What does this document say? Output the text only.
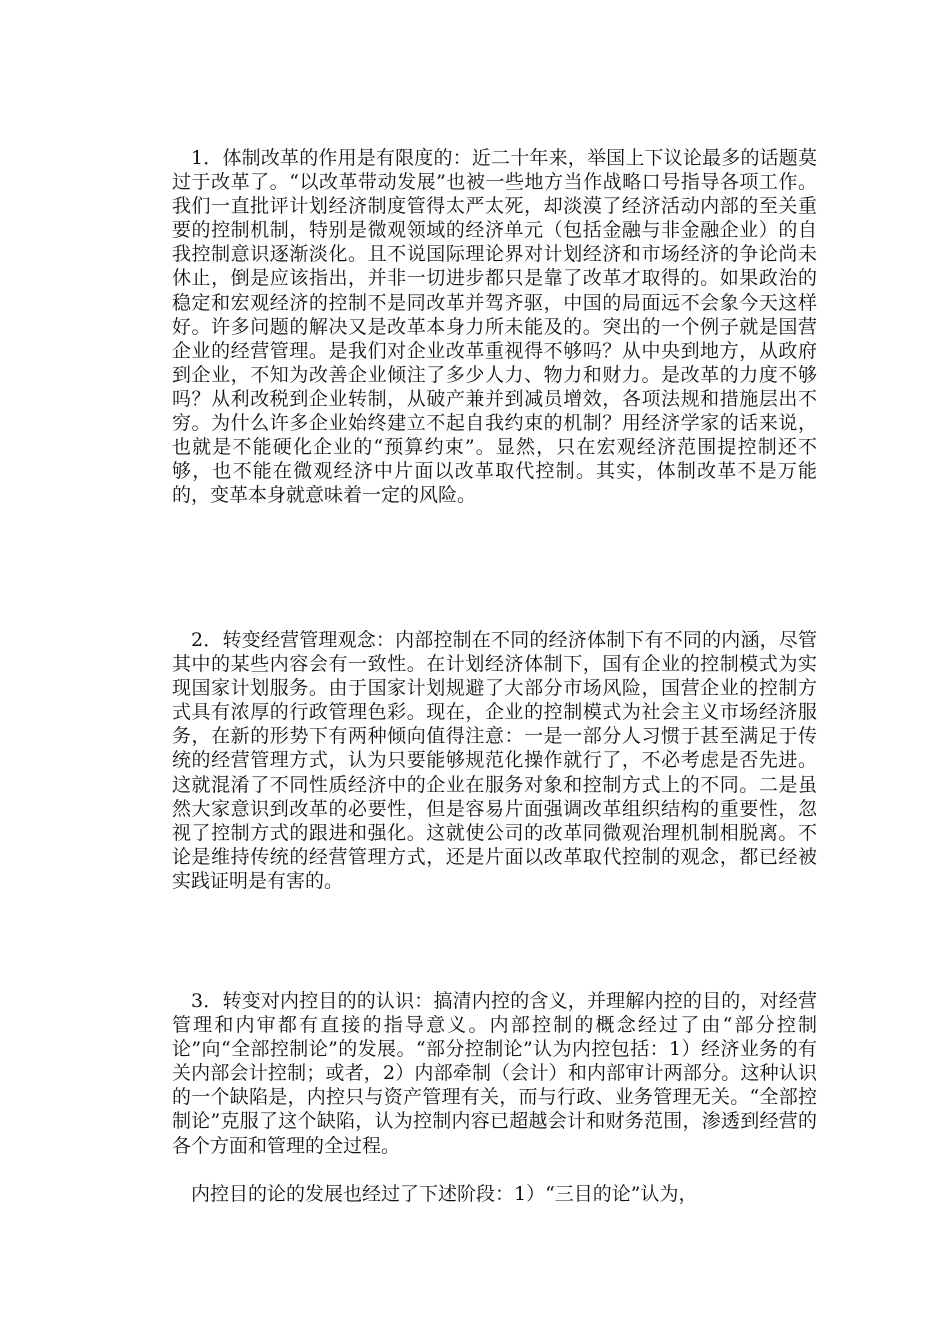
1．体制改革的作用是有限度的：近二十年来，举国上下议论最多的话题莫过于改革了。“以改革带动发展”也被一些地方当作战略口号指导各项工作。我们一直批评计划经济制度管得太严太死，却淡漠了经济活动内部的至关重要的控制机制，特别是微观领域的经济单元（包括金融与非金融企业）的自我控制意识逐渐淡化。且不说国际理论界对计划经济和市场经济的争论尚未休止，倒是应该指出，并非一切进步都只是靠了改革才取得的。如果政治的稳定和宏观经济的控制不是同改革并驾齐驱，中国的局面远不会象今天这样好。许多问题的解决又是改革本身力所未能及的。突出的一个例子就是国营企业的经营管理。是我们对企业改革重视得不够吗？从中央到地方，从政府到企业，不知为改善企业倾注了多少人力、物力和财力。是改革的力度不够吗？从利改税到企业转制，从破产兼并到减员增效，各项法规和措施层出不穷。为什么许多企业始终建立不起自我约束的机制？用经济学家的话来说，也就是不能硬化企业的“预算约束”。显然，只在宏观经济范围提控制还不够，也不能在微观经济中片面以改革取代控制。其实，体制改革不是万能的，变革本身就意味着一定的风险。

2．转变经营管理观念：内部控制在不同的经济体制下有不同的内涵，尽管其中的某些内容会有一致性。在计划经济体制下，国有企业的控制模式为实现国家计划服务。由于国家计划规避了大部分市场风险，国营企业的控制方式具有浓厚的行政管理色彩。现在，企业的控制模式为社会主义市场经济服务，在新的形势下有两种倾向值得注意：一是一部分人习惯于甚至满足于传统的经营管理方式，认为只要能够规范化操作就行了，不必考虑是否先进。这就混淆了不同性质经济中的企业在服务对象和控制方式上的不同。二是虽然大家意识到改革的必要性，但是容易片面强调改革组织结构的重要性，忽视了控制方式的跟进和强化。这就使公司的改革同微观治理机制相脱离。不论是维持传统的经营管理方式，还是片面以改革取代控制的观念，都已经被实践证明是有害的。

3．转变对内控目的的认识：搞清内控的含义，并理解内控的目的，对经营管理和内审都有直接的指导意义。内部控制的概念经过了由“部分控制论”向“全部控制论”的发展。“部分控制论”认为内控包括：1）经济业务的有关内部会计控制；或者，2）内部牵制（会计）和内部审计两部分。这种认识的一个缺陷是，内控只与资产管理有关，而与行政、业务管理无关。“全部控制论”克服了这个缺陷，认为控制内容已超越会计和财务范围，渗透到经营的各个方面和管理的全过程。

内控目的论的发展也经过了下述阶段：1）“三目的论”认为，
